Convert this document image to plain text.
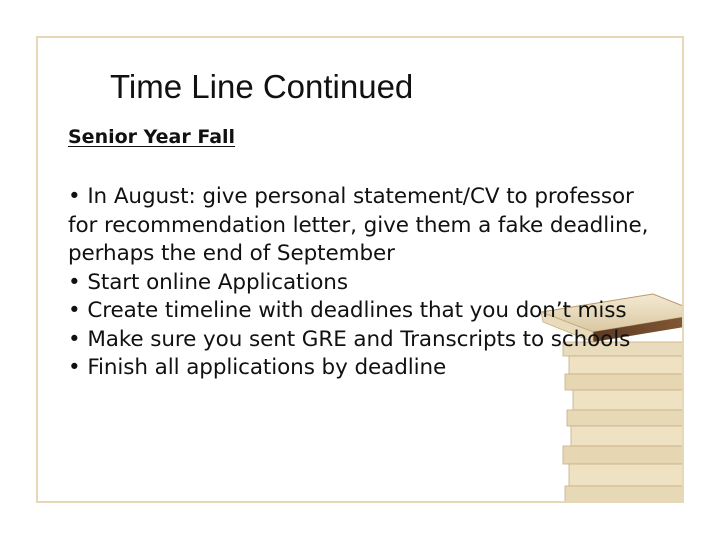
Time Line Continued
Senior Year Fall

• In August: give personal statement/CV to professor for recommendation letter, give them a fake deadline, perhaps the end of September

• Start online Applications

• Create timeline with deadlines that you don’t miss

• Make sure you sent GRE and Transcripts to schools

• Finish all applications by deadline
